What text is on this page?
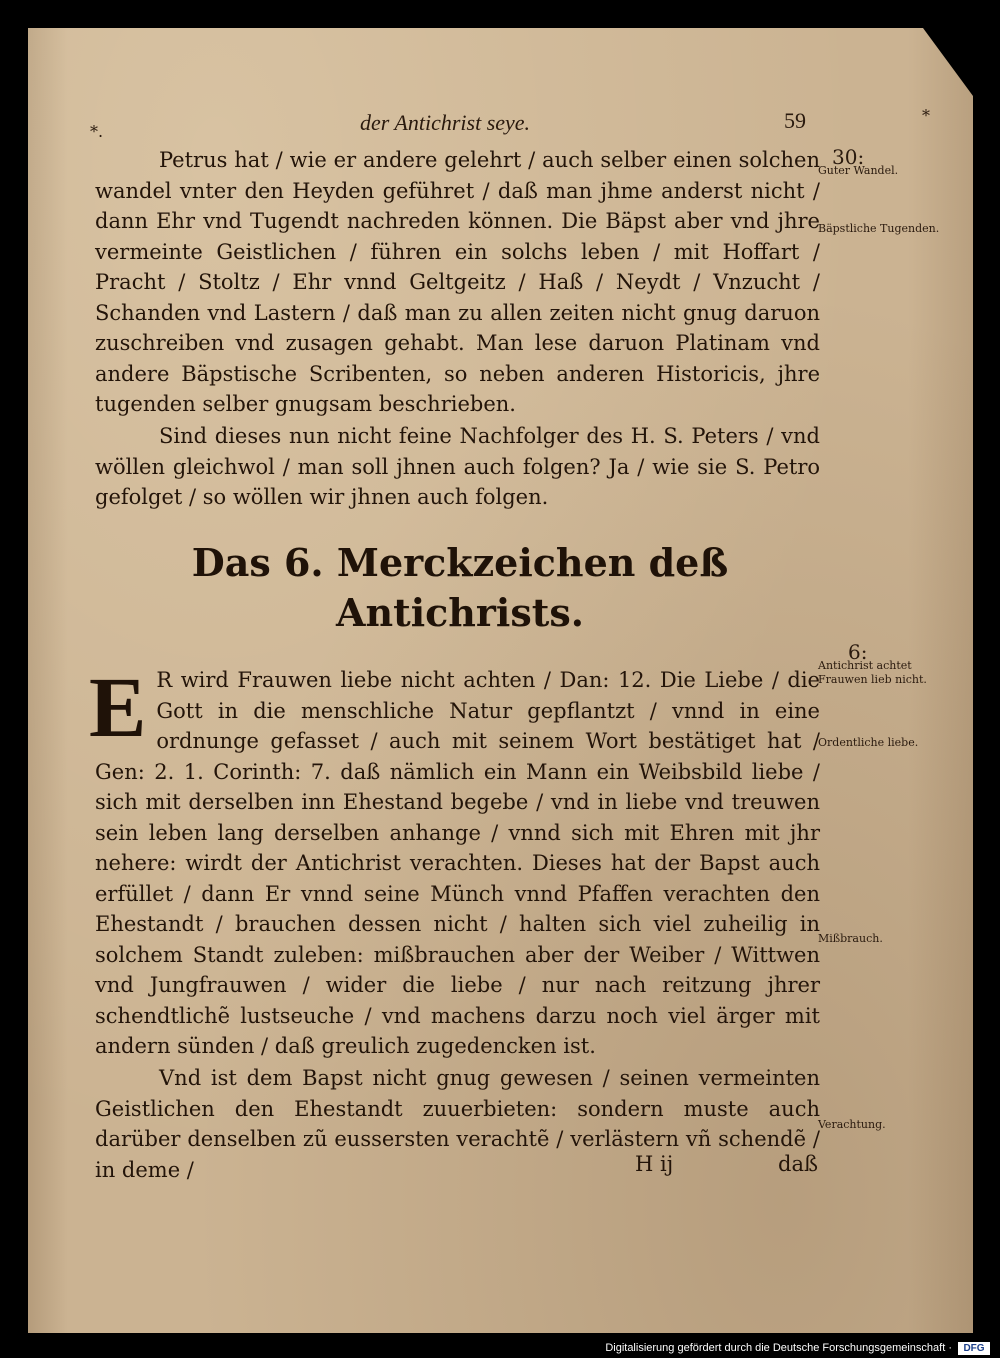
*.	der Antichrist seye.	59	*

Petrus hat / wie er andere gelehrt / auch selber einen solchen wandel vnter den Heyden geführet / daß man jhme anderst nicht / dann Ehr vnd Tugendt nachreden können. Die Bäpst aber vnd jhre vermeinte Geistlichen / führen ein solchs leben / mit Hoffart / Pracht / Stoltz / Ehr vnnd Geltgeitz / Haß / Neydt / Vnzucht / Schanden vnd Lastern / daß man zu allen zeiten nicht gnug daruon zuschreiben vnd zusagen gehabt. Man lese daruon Platinam vnd andere Bäpstische Scribenten, so neben anderen Historicis, jhre tugenden selber gnugsam beschrieben.

Sind dieses nun nicht feine Nachfolger des H. S. Peters / vnd wöllen gleichwol / man soll jhnen auch folgen? Ja / wie sie S. Petro gefolget / so wöllen wir jhnen auch folgen.

Das 6. Merckzeichen deß Antichrists.
E R wird Frauwen liebe nicht achten / Dan: 12. Die Liebe / die Gott in die menschliche Natur gepflantzt / vnnd in eine ordnunge gefasset / auch mit seinem Wort bestätiget hat / Gen: 2. 1. Corinth: 7. daß nämlich ein Mann ein Weibsbild liebe / sich mit derselben inn Ehestand begebe / vnd in liebe vnd treuwen sein leben lang derselben anhange / vnnd sich mit Ehren mit jhr nehere: wirdt der Antichrist verachten. Dieses hat der Bapst auch erfüllet / dann Er vnnd seine Münch vnnd Pfaffen verachten den Ehestandt / brauchen dessen nicht / halten sich viel zuheilig in solchem Standt zuleben: mißbrauchen aber der Weiber / Wittwen vnd Jungfrauwen / wider die liebe / nur nach reitzung jhrer schendtlichẽ lustseuche / vnd machens darzu noch viel ärger mit andern sünden / daß greulich zugedencken ist.

Vnd ist dem Bapst nicht gnug gewesen / seinen vermeinten Geistlichen den Ehestandt zuuerbieten: sondern muste auch darüber denselben zũ eussersten verachtẽ / verlästern vñ schendẽ / in deme /	H ij	daß
30:
Guter Wandel.
Bäpstliche Tugenden.
6:
Antichrist achtet Frauwen lieb nicht.
Ordentliche liebe.
Mißbrauch.
Verachtung.
Digitalisierung gefördert durch die Deutsche Forschungsgemeinschaft ·	DFG
